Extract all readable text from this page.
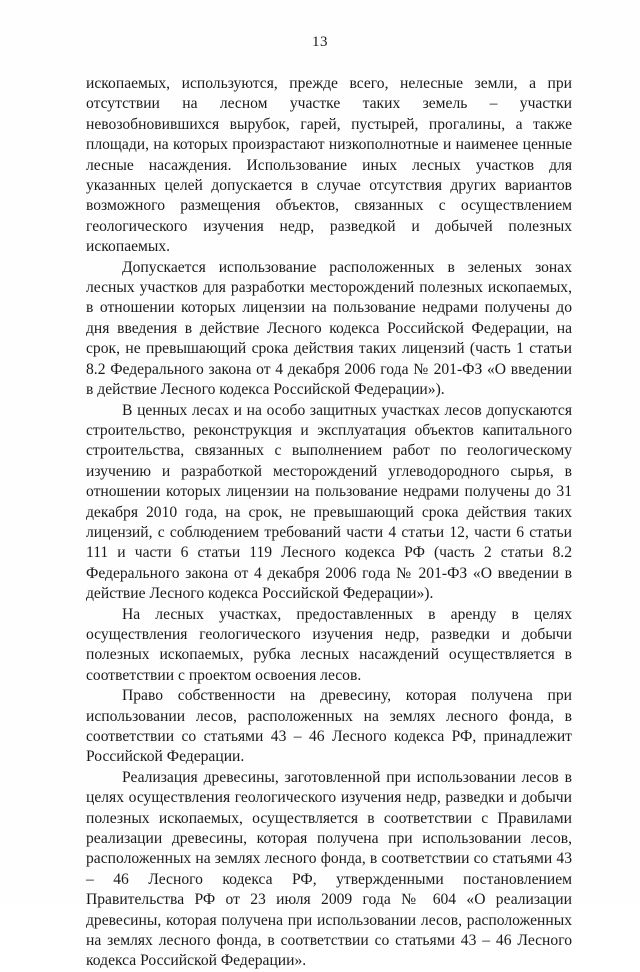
13

ископаемых, используются, прежде всего, нелесные земли, а при отсутствии на лесном участке таких земель – участки невозобновившихся вырубок, гарей, пустырей, прогалины, а также площади, на которых произрастают низкополнотные и наименее ценные лесные насаждения. Использование иных лесных участков для указанных целей допускается в случае отсутствия других вариантов возможного размещения объектов, связанных с осуществлением геологического изучения недр, разведкой и добычей полезных ископаемых.

Допускается использование расположенных в зеленых зонах лесных участков для разработки месторождений полезных ископаемых, в отношении которых лицензии на пользование недрами получены до дня введения в действие Лесного кодекса Российской Федерации, на срок, не превышающий срока действия таких лицензий (часть 1 статьи 8.2 Федерального закона от 4 декабря 2006 года № 201-ФЗ «О введении в действие Лесного кодекса Российской Федерации»).

В ценных лесах и на особо защитных участках лесов допускаются строительство, реконструкция и эксплуатация объектов капитального строительства, связанных с выполнением работ по геологическому изучению и разработкой месторождений углеводородного сырья, в отношении которых лицензии на пользование недрами получены до 31 декабря 2010 года, на срок, не превышающий срока действия таких лицензий, с соблюдением требований части 4 статьи 12, части 6 статьи 111 и части 6 статьи 119 Лесного кодекса РФ (часть 2 статьи 8.2 Федерального закона от 4 декабря 2006 года № 201-ФЗ «О введении в действие Лесного кодекса Российской Федерации»).

На лесных участках, предоставленных в аренду в целях осуществления геологического изучения недр, разведки и добычи полезных ископаемых, рубка лесных насаждений осуществляется в соответствии с проектом освоения лесов.

Право собственности на древесину, которая получена при использовании лесов, расположенных на землях лесного фонда, в соответствии со статьями 43 – 46 Лесного кодекса РФ, принадлежит Российской Федерации.

Реализация древесины, заготовленной при использовании лесов в целях осуществления геологического изучения недр, разведки и добычи полезных ископаемых, осуществляется в соответствии с Правилами реализации древесины, которая получена при использовании лесов, расположенных на землях лесного фонда, в соответствии со статьями 43 – 46 Лесного кодекса РФ, утвержденными постановлением Правительства РФ от 23 июля 2009 года № 604 «О реализации древесины, которая получена при использовании лесов, расположенных на землях лесного фонда, в соответствии со статьями 43 – 46 Лесного кодекса Российской Федерации».
